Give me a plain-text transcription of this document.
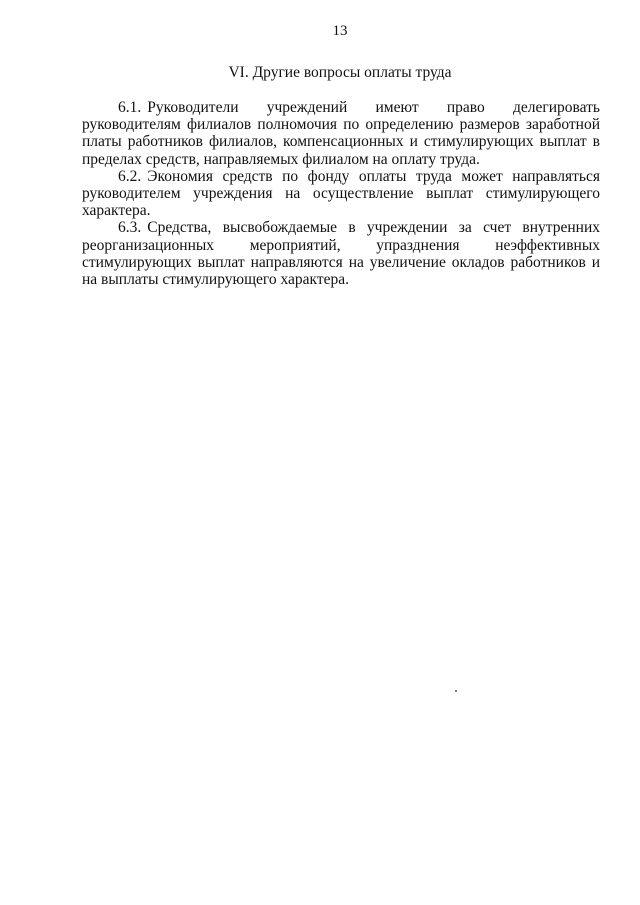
13
VI. Другие вопросы оплаты труда

6.1. Руководители учреждений имеют право делегировать руководителям филиалов полномочия по определению размеров заработной платы работников филиалов, компенсационных и стимулирующих выплат в пределах средств, направляемых филиалом на оплату труда.

6.2. Экономия средств по фонду оплаты труда может направляться руководителем учреждения на осуществление выплат стимулирующего характера.

6.3. Средства, высвобождаемые в учреждении за счет внутренних реорганизационных мероприятий, упразднения неэффективных стимулирующих выплат направляются на увеличение окладов работников и на выплаты стимулирующего характера.
